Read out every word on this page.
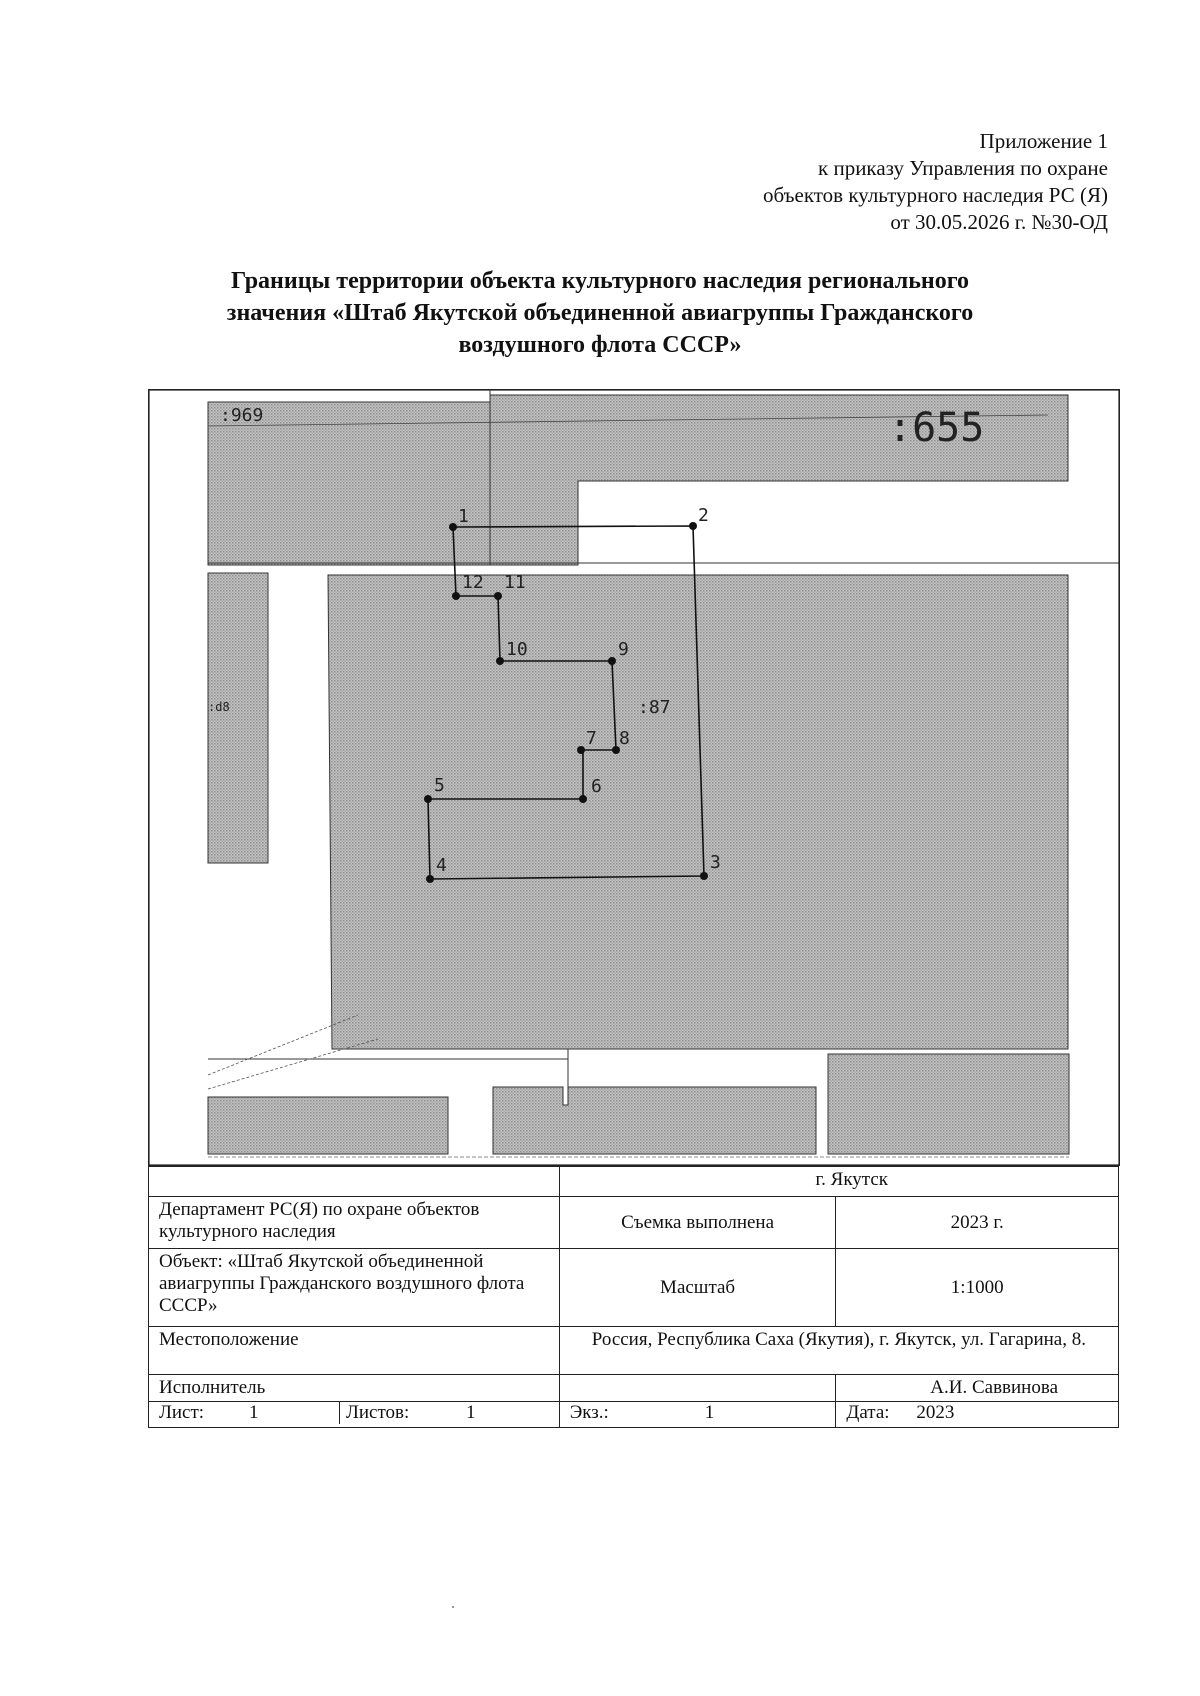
Приложение 1
к приказу Управления по охране
объектов культурного наследия РС (Я)
от 30.05.2026 г. №30-ОД
Границы территории объекта культурного наследия регионального
значения «Штаб Якутской объединенной авиагруппы Гражданского
воздушного флота СССР»
1	2
3
4
5	6
7 8
9
10
11
12
:969	:655
:87
:d8
	г. Якутск	
Департамент РС(Я) по охране объектов культурного наследия	Съемка выполнена	2023 г.
Объект: «Штаб Якутской объединенной авиагруппы Гражданского воздушного флота СССР»	Масштаб	1:1000
Местоположение	Россия, Республика Саха (Якутия), г. Якутск, ул. Гагарина, 8.	
Исполнитель		А.И. Саввинова

Лист: 1 Листов: 1	Экз.: 1	Дата: 2023
